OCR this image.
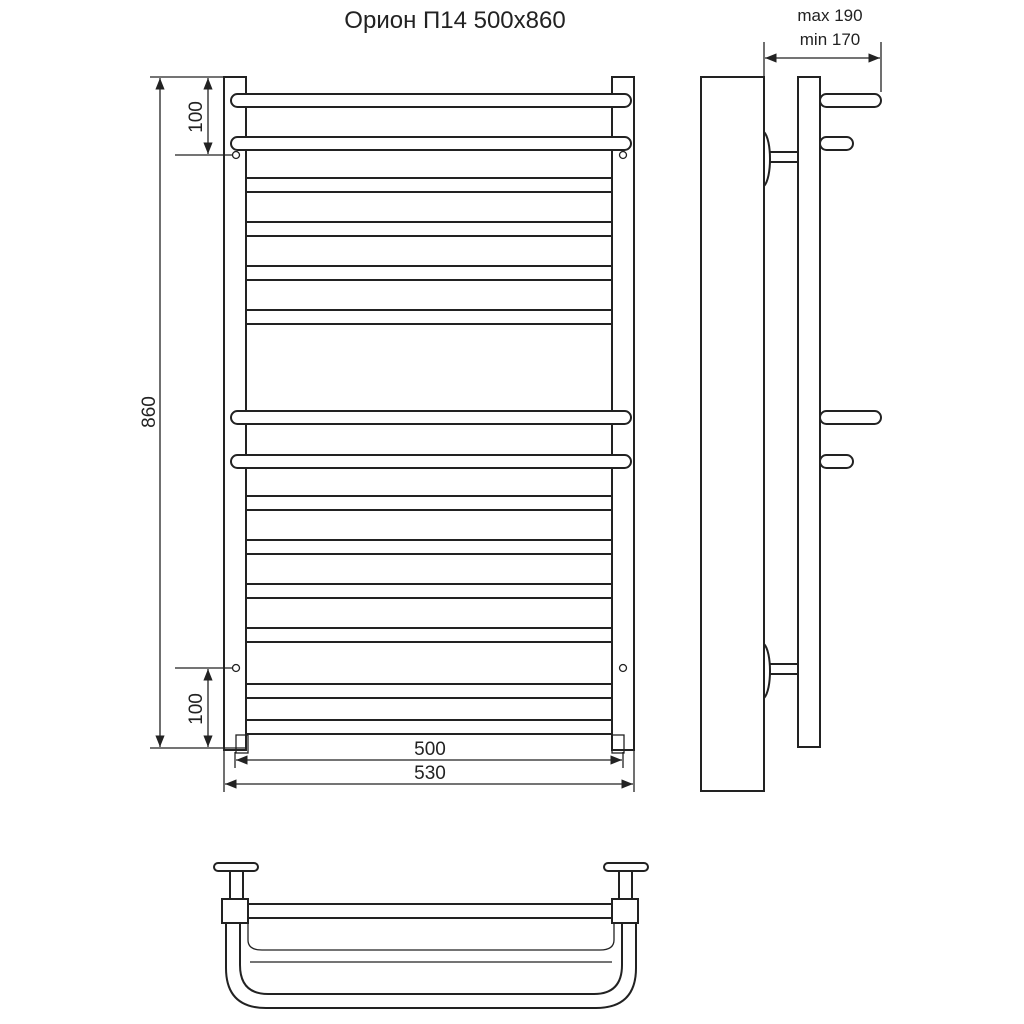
Орион П14 500х860
860
100
100
500
530
max 190
min 170
